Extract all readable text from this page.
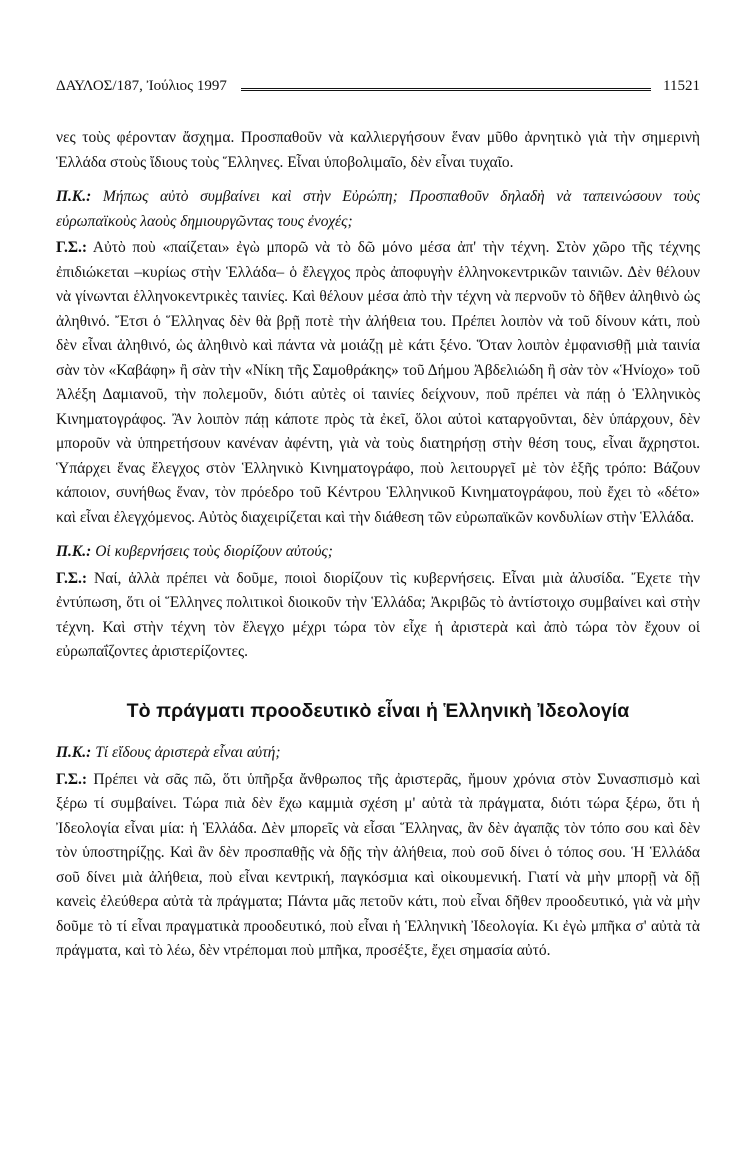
ΔΑΥΛΟΣ/187, Ἰούλιος 1997	11521

νες τοὺς φέρονταν ἄσχημα. Προσπαθοῦν νὰ καλλιεργήσουν ἕναν μῦθο ἀρνητικὸ γιὰ τὴν σημερινὴ Ἑλλάδα στοὺς ἴδιους τοὺς Ἕλληνες. Εἶναι ὑποβολιμαῖο, δὲν εἶναι τυχαῖο.

Π.Κ.: Μήπως αὐτὸ συμβαίνει καὶ στὴν Εὐρώπη; Προσπαθοῦν δηλαδὴ νὰ ταπεινώσουν τοὺς εὐρωπαϊκοὺς λαοὺς δημιουργῶντας τους ἐνοχές;

Γ.Σ.: Αὐτὸ ποὺ «παίζεται» ἐγὼ μπορῶ νὰ τὸ δῶ μόνο μέσα ἀπ' τὴν τέχνη. Στὸν χῶρο τῆς τέχνης ἐπιδιώκεται –κυρίως στὴν Ἑλλάδα– ὁ ἔλεγχος πρὸς ἀποφυγὴν ἑλληνοκεντρικῶν ταινιῶν. Δὲν θέλουν νὰ γίνωνται ἑλληνοκεντρικὲς ταινίες. Καὶ θέλουν μέσα ἀπὸ τὴν τέχνη νὰ περνοῦν τὸ δῆθεν ἀληθινὸ ὡς ἀληθινό. Ἔτσι ὁ Ἕλληνας δὲν θὰ βρῇ ποτὲ τὴν ἀλήθεια του. Πρέπει λοιπὸν νὰ τοῦ δίνουν κάτι, ποὺ δὲν εἶναι ἀληθινό, ὡς ἀληθινὸ καὶ πάντα νὰ μοιάζῃ μὲ κάτι ξένο. Ὅταν λοιπὸν ἐμφανισθῇ μιὰ ταινία σὰν τὸν «Καβάφη» ἢ σὰν τὴν «Νίκη τῆς Σαμοθράκης» τοῦ Δήμου Ἀβδελιώδη ἢ σὰν τὸν «Ἡνίοχο» τοῦ Ἀλέξη Δαμιανοῦ, τὴν πολεμοῦν, διότι αὐτὲς οἱ ταινίες δείχνουν, ποῦ πρέπει νὰ πάῃ ὁ Ἑλληνικὸς Κινηματογράφος. Ἂν λοιπὸν πάῃ κάποτε πρὸς τὰ ἐκεῖ, ὅλοι αὐτοὶ καταργοῦνται, δὲν ὑπάρχουν, δὲν μποροῦν νὰ ὑπηρετήσουν κανέναν ἀφέντη, γιὰ νὰ τοὺς διατηρήσῃ στὴν θέση τους, εἶναι ἄχρηστοι. Ὑπάρχει ἕνας ἔλεγχος στὸν Ἑλληνικὸ Κινηματογράφο, ποὺ λειτουργεῖ μὲ τὸν ἑξῆς τρόπο: Βάζουν κάποιον, συνήθως ἕναν, τὸν πρόεδρο τοῦ Κέντρου Ἑλληνικοῦ Κινηματογράφου, ποὺ ἔχει τὸ «δέτο» καὶ εἶναι ἐλεγχόμενος. Αὐτὸς διαχειρίζεται καὶ τὴν διάθεση τῶν εὐρωπαϊκῶν κονδυλίων στὴν Ἑλλάδα.

Π.Κ.: Οἱ κυβερνήσεις τοὺς διορίζουν αὐτούς;

Γ.Σ.: Ναί, ἀλλὰ πρέπει νὰ δοῦμε, ποιοὶ διορίζουν τὶς κυβερνήσεις. Εἶναι μιὰ ἁλυσίδα. Ἔχετε τὴν ἐντύπωση, ὅτι οἱ Ἕλληνες πολιτικοὶ διοικοῦν τὴν Ἑλλάδα; Ἀκριβῶς τὸ ἀντίστοιχο συμβαίνει καὶ στὴν τέχνη. Καὶ στὴν τέχνη τὸν ἔλεγχο μέχρι τώρα τὸν εἶχε ἡ ἀριστερὰ καὶ ἀπὸ τώρα τὸν ἔχουν οἱ εὐρωπαΐζοντες ἀριστερίζοντες.

Τὸ πράγματι προοδευτικὸ εἶναι ἡ Ἑλληνικὴ Ἰδεολογία

Π.Κ.: Τί εἴδους ἀριστερὰ εἶναι αὐτή;

Γ.Σ.: Πρέπει νὰ σᾶς πῶ, ὅτι ὑπῆρξα ἄνθρωπος τῆς ἀριστερᾶς, ἤμουν χρόνια στὸν Συνασπισμὸ καὶ ξέρω τί συμβαίνει. Τώρα πιὰ δὲν ἔχω καμμιὰ σχέση μ' αὐτὰ τὰ πράγματα, διότι τώρα ξέρω, ὅτι ἡ Ἰδεολογία εἶναι μία: ἡ Ἑλλάδα. Δὲν μπορεῖς νὰ εἶσαι Ἕλληνας, ἂν δὲν ἀγαπᾷς τὸν τόπο σου καὶ δὲν τὸν ὑποστηρίζῃς. Καὶ ἂν δὲν προσπαθῇς νὰ δῇς τὴν ἀλήθεια, ποὺ σοῦ δίνει ὁ τόπος σου. Ἡ Ἑλλάδα σοῦ δίνει μιὰ ἀλήθεια, ποὺ εἶναι κεντρική, παγκόσμια καὶ οἰκουμενική. Γιατί νὰ μὴν μπορῇ νὰ δῇ κανεὶς ἐλεύθερα αὐτὰ τὰ πράγματα; Πάντα μᾶς πετοῦν κάτι, ποὺ εἶναι δῆθεν προοδευτικό, γιὰ νὰ μὴν δοῦμε τὸ τί εἶναι πραγματικὰ προοδευτικό, ποὺ εἶναι ἡ Ἑλληνικὴ Ἰδεολογία. Κι ἐγὼ μπῆκα σ' αὐτὰ τὰ πράγματα, καὶ τὸ λέω, δὲν ντρέπομαι ποὺ μπῆκα, προσέξτε, ἔχει σημασία αὐτό.
